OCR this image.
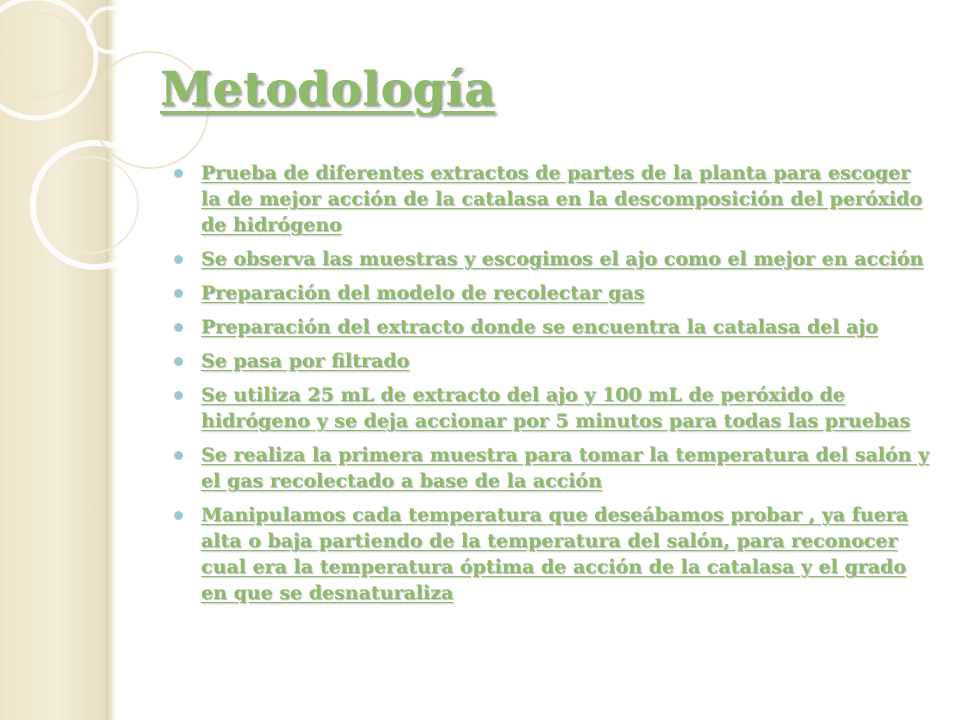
Metodología
Prueba de diferentes extractos de partes de la planta para escoger la de mejor acción de la catalasa en la descomposición del peróxido de hidrógeno
Se observa las muestras y escogimos el ajo como el mejor en acción
Preparación del modelo de recolectar gas
Preparación del extracto donde se encuentra la catalasa del ajo
Se pasa por filtrado
Se utiliza 25 mL de extracto del ajo y 100 mL de peróxido de hidrógeno y se deja accionar por 5 minutos para todas las pruebas
Se realiza la primera muestra para tomar la temperatura del salón y el gas recolectado a base de la acción
Manipulamos cada temperatura que deseábamos probar , ya fuera alta o baja partiendo de la temperatura del salón, para reconocer cual era la temperatura óptima de acción de la catalasa y el grado en que se desnaturaliza
